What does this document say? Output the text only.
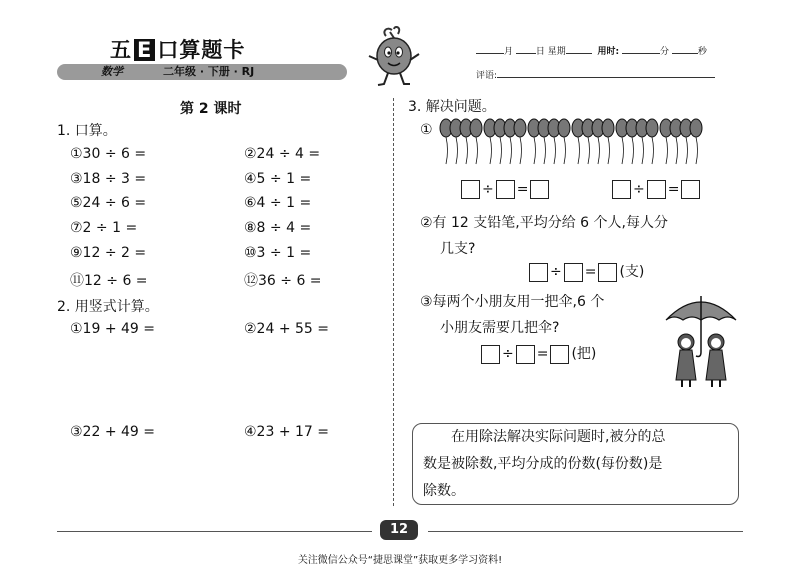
五 E 口算题卡
数学	二年级 · 下册 · RJ
月	日 星期	用时:	分	秒
评语:
第 2 课时
1. 口算。
①30 ÷ 6 =	②24 ÷ 4 =
③18 ÷ 3 =	④5 ÷ 1 =
⑤24 ÷ 6 =	⑥4 ÷ 1 =
⑦2 ÷ 1 =	⑧8 ÷ 4 =
⑨12 ÷ 2 =	⑩3 ÷ 1 =
⑪12 ÷ 6 =	⑫36 ÷ 6 =
2. 用竖式计算。
①19 + 49 =	②24 + 55 =
③22 + 49 =	④23 + 17 =
3. 解决问题。
①
÷ =	÷ =
②有 12 支铅笔,平均分给 6 个人,每人分
几支?
÷ = (支)
③每两个小朋友用一把伞,6 个
小朋友需要几把伞?
÷ = (把)
在用除法解决实际问题时,被分的总
数是被除数,平均分成的份数(每份数)是
除数。
12
关注微信公众号“捷思课堂”获取更多学习资料!
